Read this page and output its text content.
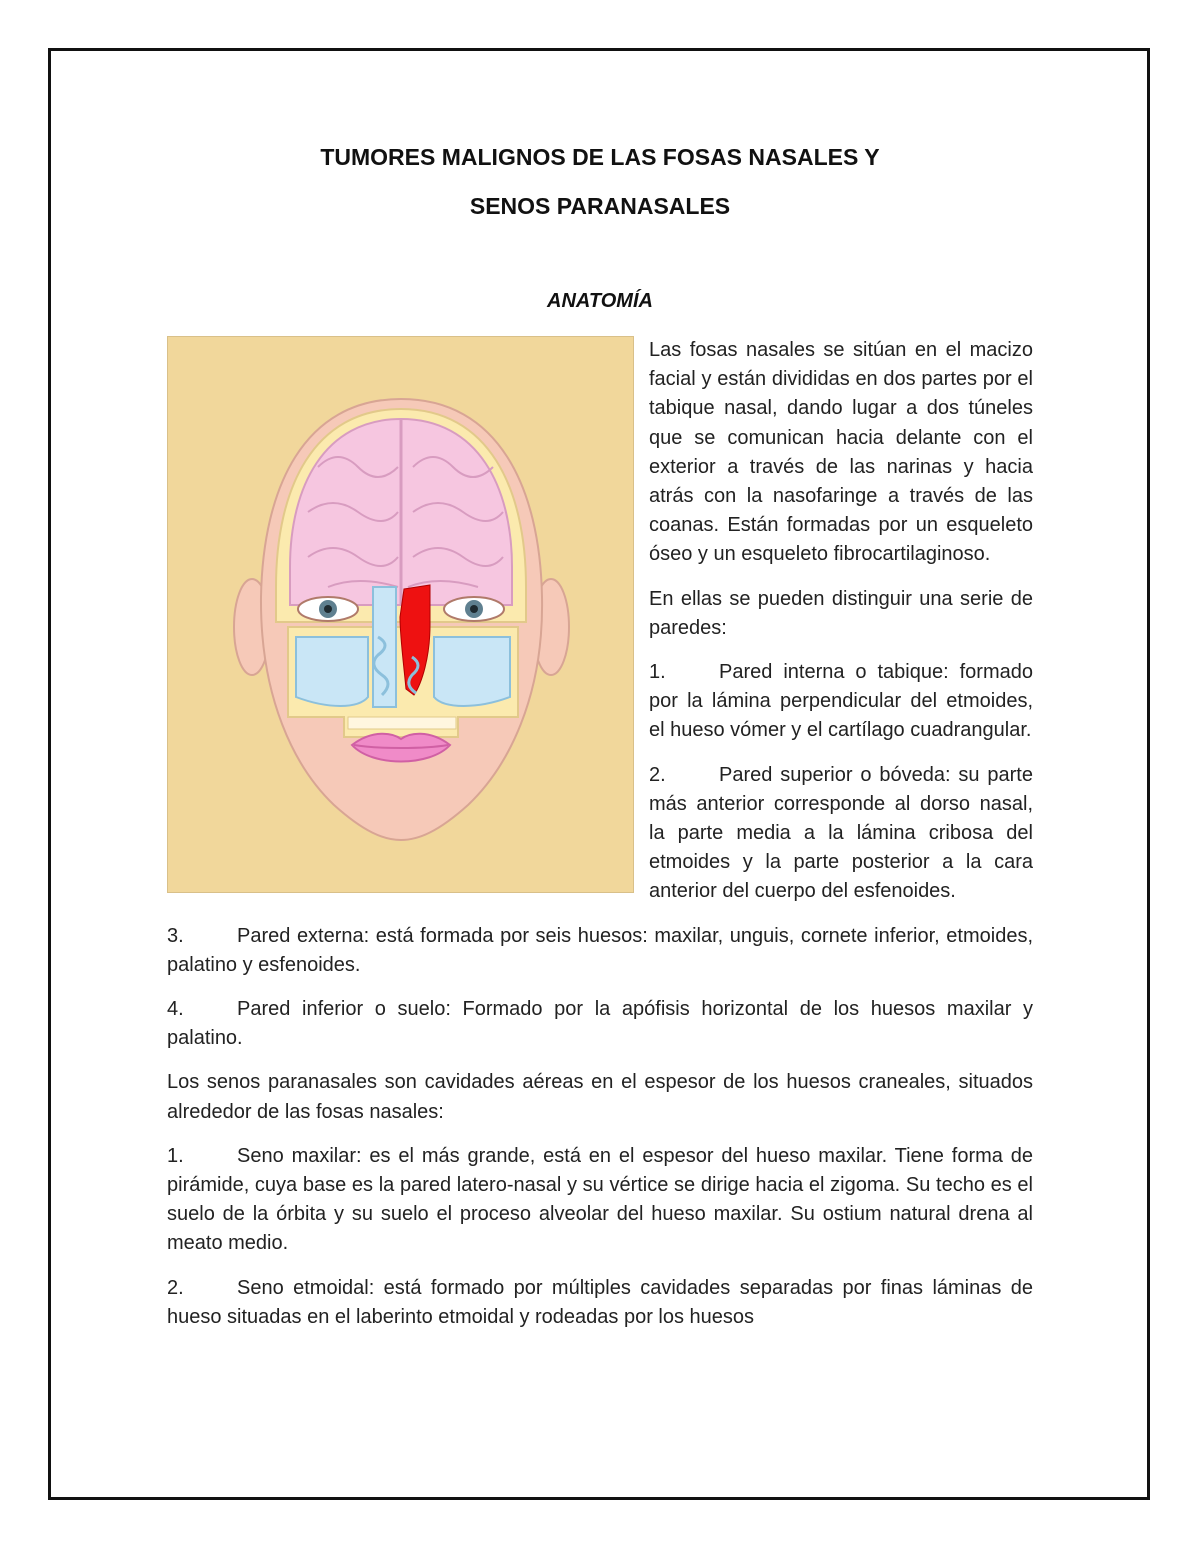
TUMORES MALIGNOS DE LAS FOSAS NASALES Y
SENOS PARANASALES
ANATOMÍA

Las fosas nasales se sitúan en el macizo facial y están divididas en dos partes por el tabique nasal, dando lugar a dos túneles que se comunican hacia delante con el exterior a través de las narinas y hacia atrás con la nasofaringe a través de las coanas. Están formadas por un esqueleto óseo y un esqueleto fibrocartilaginoso.

En ellas se pueden distinguir una serie de paredes:

1.	Pared interna o tabique: formado por la lámina perpendicular del etmoides, el hueso vómer y el cartílago cuadrangular.

2.	Pared superior o bóveda: su parte más anterior corresponde al dorso nasal, la parte media a la lámina cribosa del etmoides y la parte posterior a la cara anterior del cuerpo del esfenoides.

3.	Pared externa: está formada por seis huesos: maxilar, unguis, cornete inferior, etmoides, palatino y esfenoides.

4.	Pared inferior o suelo: Formado por la apófisis horizontal de los huesos maxilar y palatino.

Los senos paranasales son cavidades aéreas en el espesor de los huesos craneales, situados alrededor de las fosas nasales:

1.	Seno maxilar: es el más grande, está en el espesor del hueso maxilar. Tiene forma de pirámide, cuya base es la pared latero-nasal y su vértice se dirige hacia el zigoma. Su techo es el suelo de la órbita y su suelo el proceso alveolar del hueso maxilar. Su ostium natural drena al meato medio.

2.	Seno etmoidal: está formado por múltiples cavidades separadas por finas láminas de hueso situadas en el laberinto etmoidal y rodeadas por los huesos
